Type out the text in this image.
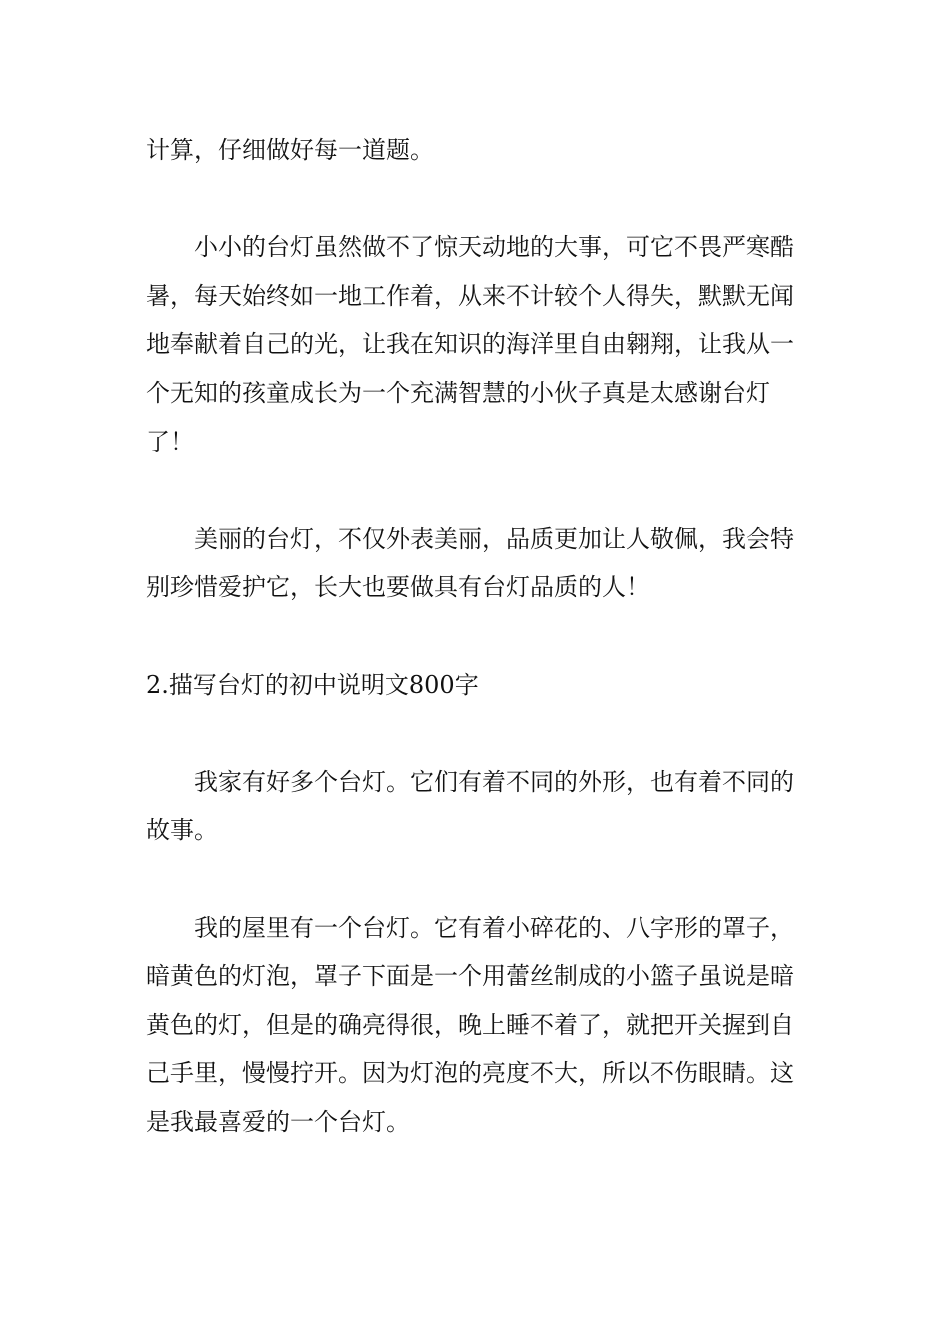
计算，仔细做好每一道题。

小小的台灯虽然做不了惊天动地的大事，可它不畏严寒酷暑，每天始终如一地工作着，从来不计较个人得失，默默无闻地奉献着自己的光，让我在知识的海洋里自由翱翔，让我从一个无知的孩童成长为一个充满智慧的小伙子真是太感谢台灯了！

美丽的台灯，不仅外表美丽，品质更加让人敬佩，我会特别珍惜爱护它，长大也要做具有台灯品质的人！

2.描写台灯的初中说明文800字

我家有好多个台灯。它们有着不同的外形，也有着不同的故事。

我的屋里有一个台灯。它有着小碎花的、八字形的罩子，暗黄色的灯泡，罩子下面是一个用蕾丝制成的小篮子虽说是暗黄色的灯，但是的确亮得很，晚上睡不着了，就把开关握到自己手里，慢慢拧开。因为灯泡的亮度不大，所以不伤眼睛。这是我最喜爱的一个台灯。
